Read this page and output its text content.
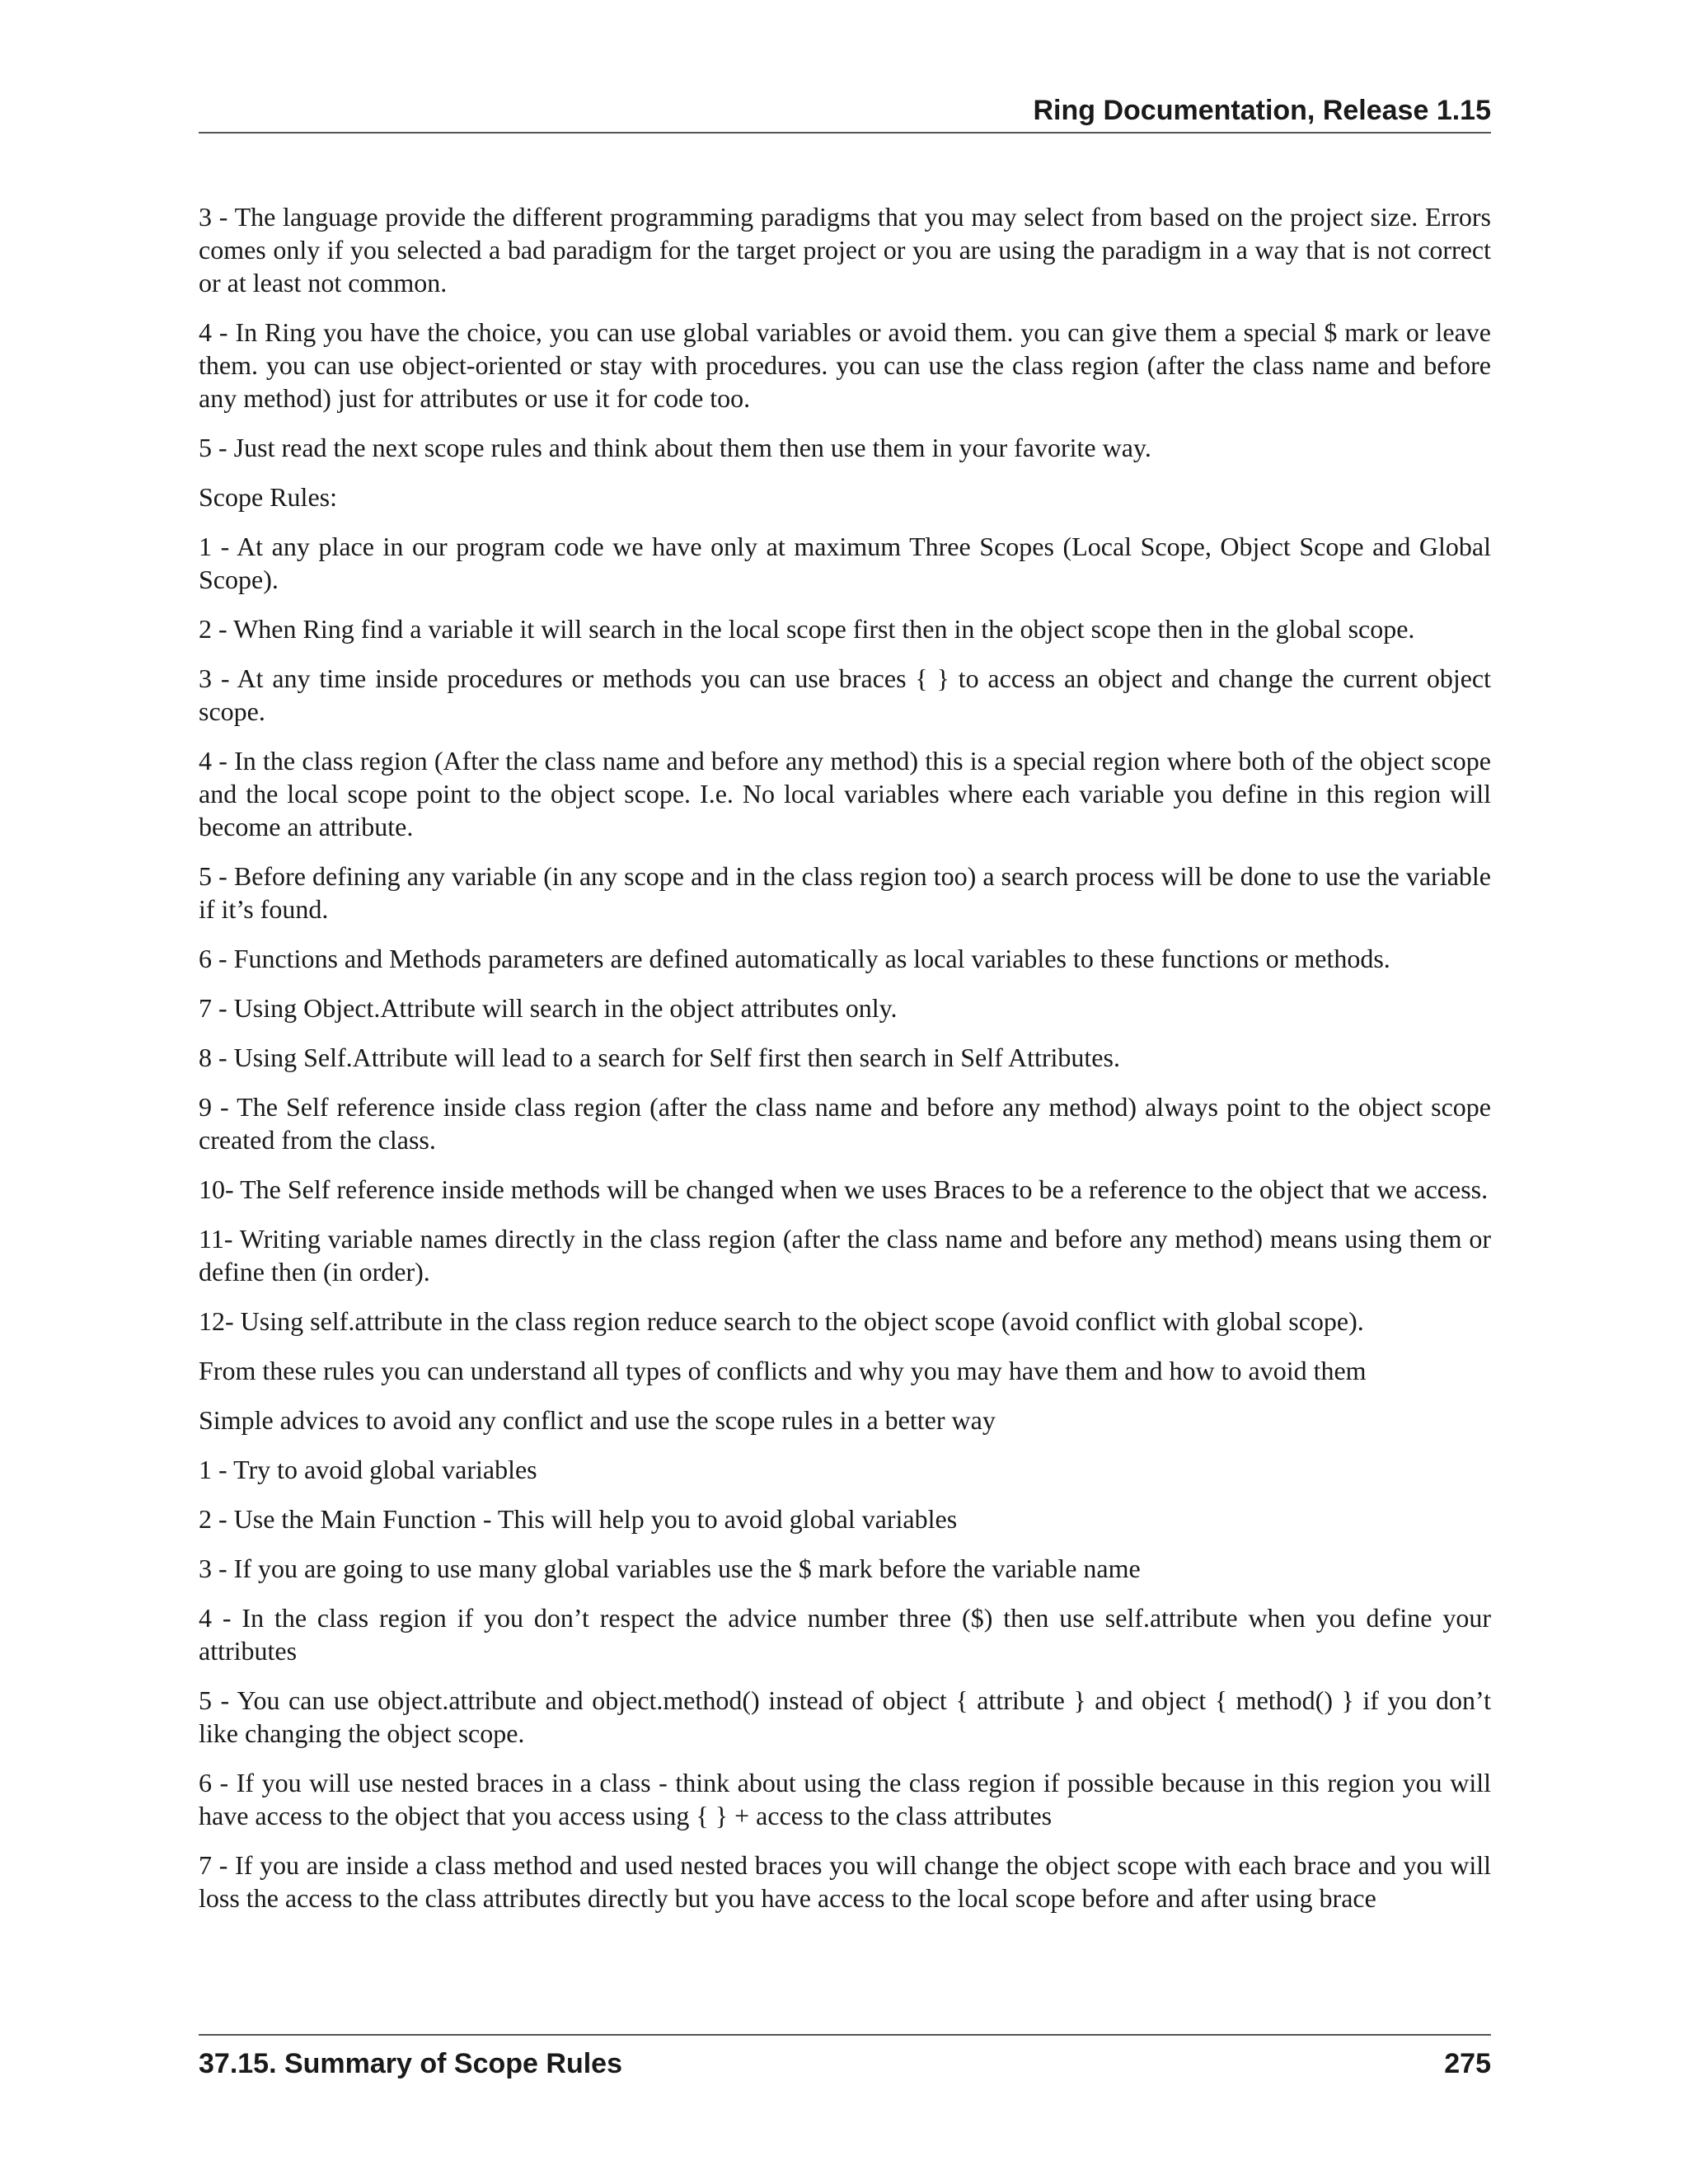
Ring Documentation, Release 1.15

3 - The language provide the different programming paradigms that you may select from based on the project size. Errors comes only if you selected a bad paradigm for the target project or you are using the paradigm in a way that is not correct or at least not common.

4 - In Ring you have the choice, you can use global variables or avoid them. you can give them a special $ mark or leave them. you can use object-oriented or stay with procedures. you can use the class region (after the class name and before any method) just for attributes or use it for code too.

5 - Just read the next scope rules and think about them then use them in your favorite way.

Scope Rules:

1 - At any place in our program code we have only at maximum Three Scopes (Local Scope, Object Scope and Global Scope).

2 - When Ring find a variable it will search in the local scope first then in the object scope then in the global scope.

3 - At any time inside procedures or methods you can use braces { } to access an object and change the current object scope.

4 - In the class region (After the class name and before any method) this is a special region where both of the object scope and the local scope point to the object scope. I.e. No local variables where each variable you define in this region will become an attribute.

5 - Before defining any variable (in any scope and in the class region too) a search process will be done to use the variable if it’s found.

6 - Functions and Methods parameters are defined automatically as local variables to these functions or methods.

7 - Using Object.Attribute will search in the object attributes only.

8 - Using Self.Attribute will lead to a search for Self first then search in Self Attributes.

9 - The Self reference inside class region (after the class name and before any method) always point to the object scope created from the class.

10- The Self reference inside methods will be changed when we uses Braces to be a reference to the object that we access.

11- Writing variable names directly in the class region (after the class name and before any method) means using them or define then (in order).

12- Using self.attribute in the class region reduce search to the object scope (avoid conflict with global scope).

From these rules you can understand all types of conflicts and why you may have them and how to avoid them

Simple advices to avoid any conflict and use the scope rules in a better way

1 - Try to avoid global variables

2 - Use the Main Function - This will help you to avoid global variables

3 - If you are going to use many global variables use the $ mark before the variable name

4 - In the class region if you don’t respect the advice number three ($) then use self.attribute when you define your attributes

5 - You can use object.attribute and object.method() instead of object { attribute } and object { method() } if you don’t like changing the object scope.

6 - If you will use nested braces in a class - think about using the class region if possible because in this region you will have access to the object that you access using { } + access to the class attributes

7 - If you are inside a class method and used nested braces you will change the object scope with each brace and you will loss the access to the class attributes directly but you have access to the local scope before and after using brace

37.15. Summary of Scope Rules	275
